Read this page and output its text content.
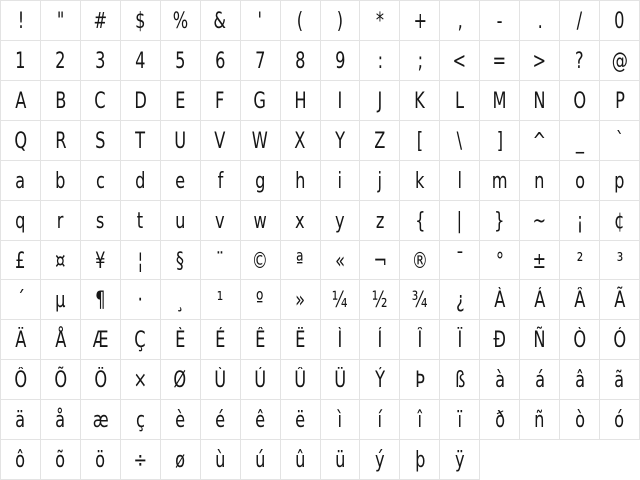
!	"	#	$	%	&	'	(	)	*	+	,	-	.	/	0
1	2	3	4	5	6	7	8	9	:	;	<	=	>	?	@
A	B	C	D	E	F	G	H	I	J	K	L	M	N	O	P
Q	R	S	T	U	V	W	X	Y	Z	[	\	]	^	_	`
a	b	c	d	e	f	g	h	i	j	k	l	m	n	o	p
q	r	s	t	u	v	w	x	y	z	{	|	}	~	¡	¢
£	¤	¥	¦	§	¨	©	ª	«	¬	®	¯	°	±	²	³
´	µ	¶	·	¸	¹	º	»	¼	½	¾	¿	À	Á	Â	Ã
Ä	Å	Æ	Ç	È	É	Ê	Ë	Ì	Í	Î	Ï	Ð	Ñ	Ò	Ó
Ô	Õ	Ö	×	Ø	Ù	Ú	Û	Ü	Ý	Þ	ß	à	á	â	ã
ä	å	æ	ç	è	é	ê	ë	ì	í	î	ï	ð	ñ	ò	ó
ô	õ	ö	÷	ø	ù	ú	û	ü	ý	þ	ÿ
